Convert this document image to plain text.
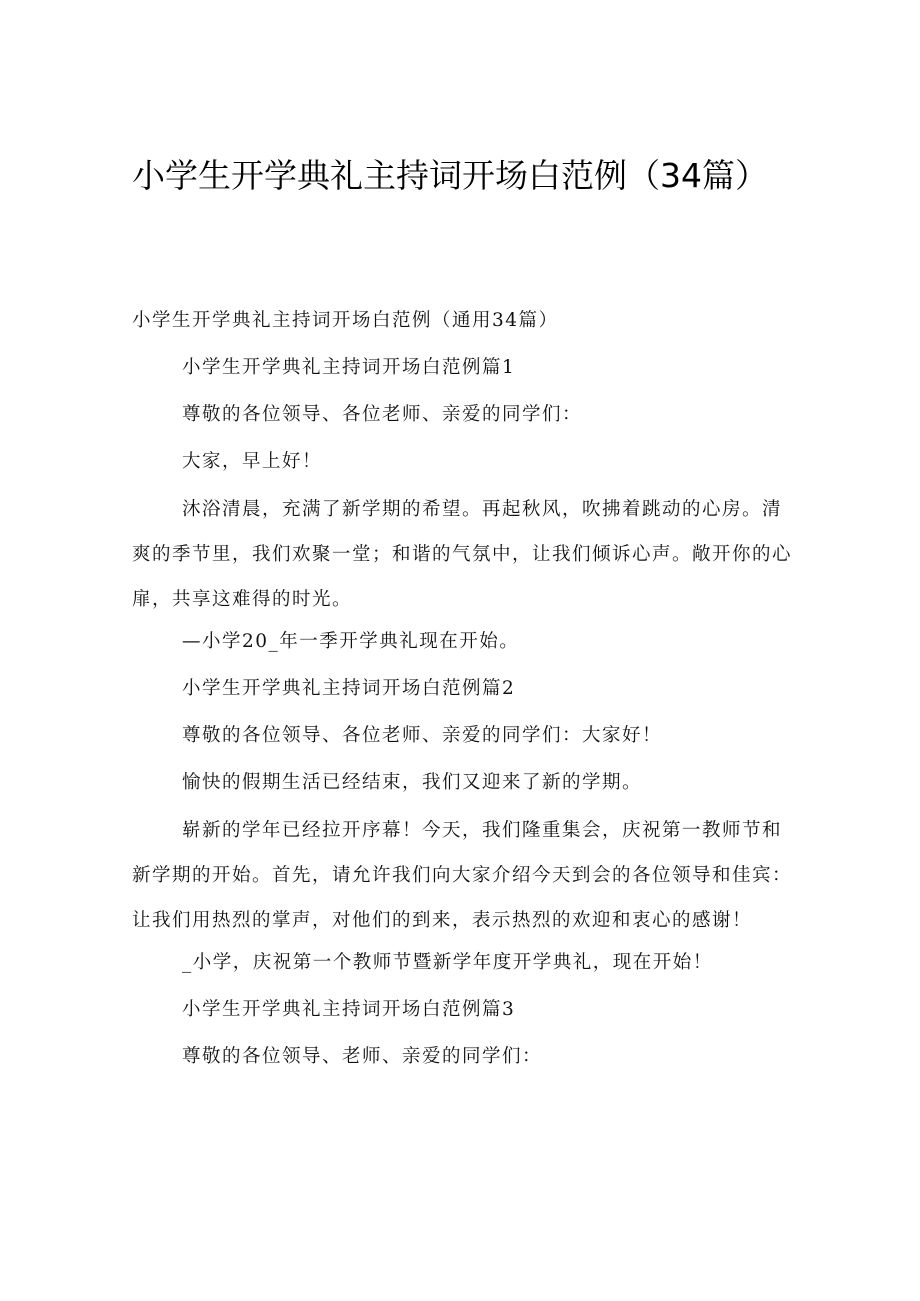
小学生开学典礼主持词开场白范例（34篇）

小学生开学典礼主持词开场白范例（通用34篇）

小学生开学典礼主持词开场白范例篇1

尊敬的各位领导、各位老师、亲爱的同学们：

大家，早上好！

沐浴清晨，充满了新学期的希望。再起秋风，吹拂着跳动的心房。清爽的季节里，我们欢聚一堂；和谐的气氛中，让我们倾诉心声。敞开你的心扉，共享这难得的时光。

—小学20_年一季开学典礼现在开始。

小学生开学典礼主持词开场白范例篇2

尊敬的各位领导、各位老师、亲爱的同学们：大家好！

愉快的假期生活已经结束，我们又迎来了新的学期。

崭新的学年已经拉开序幕！今天，我们隆重集会，庆祝第一教师节和新学期的开始。首先，请允许我们向大家介绍今天到会的各位领导和佳宾：让我们用热烈的掌声，对他们的到来，表示热烈的欢迎和衷心的感谢！

_小学，庆祝第一个教师节暨新学年度开学典礼，现在开始！

小学生开学典礼主持词开场白范例篇3

尊敬的各位领导、老师、亲爱的同学们：
